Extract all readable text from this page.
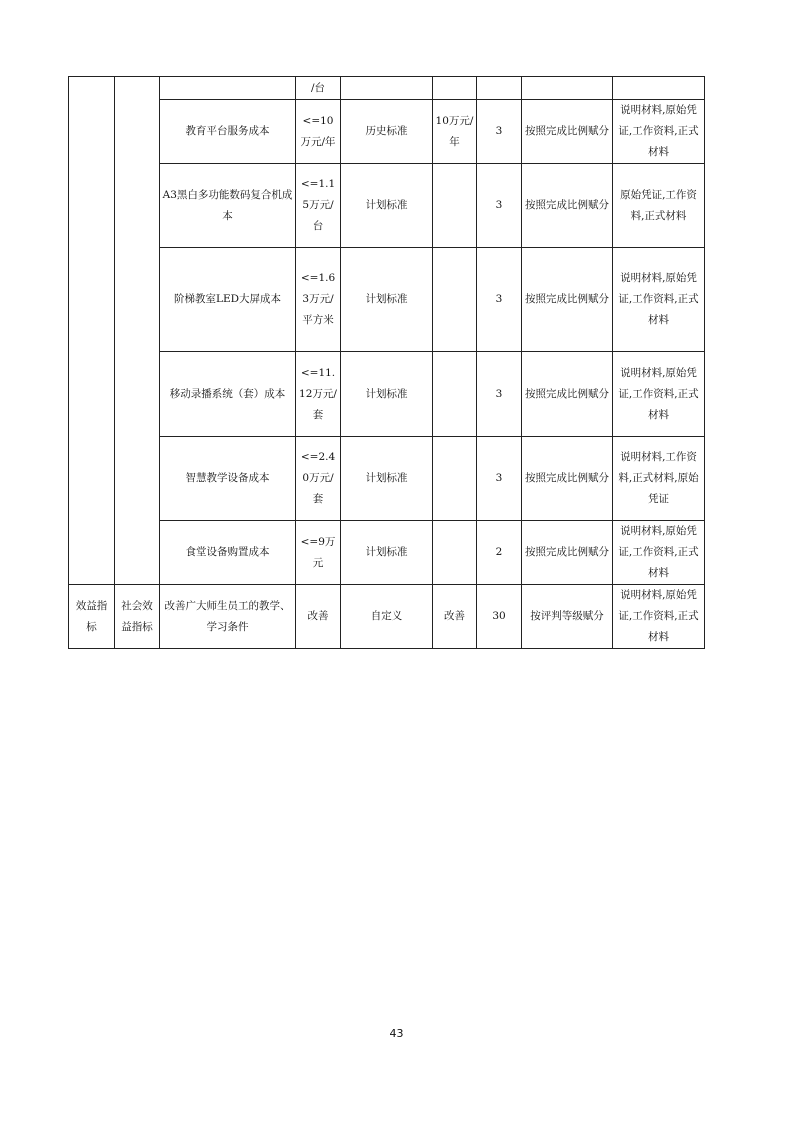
			/台					
		教育平台服务成本	<=10万元/年	历史标准	10万元/年	3	按照完成比例赋分	说明材料,原始凭证,工作资料,正式材料
		A3黑白多功能数码复合机成本	<=1.15万元/台	计划标准		3	按照完成比例赋分	原始凭证,工作资料,正式材料
		阶梯教室LED大屏成本	<=1.63万元/平方米	计划标准		3	按照完成比例赋分	说明材料,原始凭证,工作资料,正式材料
		移动录播系统（套）成本	<=11.12万元/套	计划标准		3	按照完成比例赋分	说明材料,原始凭证,工作资料,正式材料
		智慧教学设备成本	<=2.40万元/套	计划标准		3	按照完成比例赋分	说明材料,工作资料,正式材料,原始凭证
		食堂设备购置成本	<=9万元	计划标准		2	按照完成比例赋分	说明材料,原始凭证,工作资料,正式材料
效益指标	社会效益指标	改善广大师生员工的教学、学习条件	改善	自定义	改善	30	按评判等级赋分	说明材料,原始凭证,工作资料,正式材料
43
